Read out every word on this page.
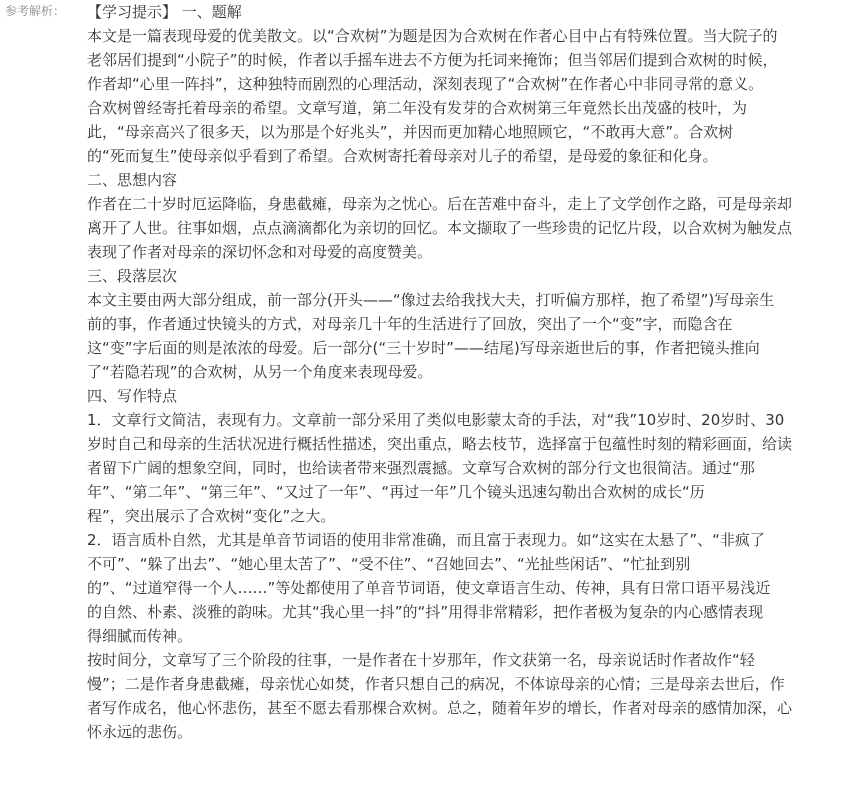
参考解析： 【学习提示】 一、题解
本文是一篇表现母爱的优美散文。以“合欢树”为题是因为合欢树在作者心目中占有特殊位置。当大院子的
老邻居们提到“小院子”的时候，作者以手摇车进去不方便为托词来掩饰；但当邻居们提到合欢树的时候，
作者却“心里一阵抖”，这种独特而剧烈的心理活动，深刻表现了“合欢树”在作者心中非同寻常的意义。
合欢树曾经寄托着母亲的希望。文章写道，第二年没有发芽的合欢树第三年竟然长出茂盛的枝叶，为
此，“母亲高兴了很多天，以为那是个好兆头”，并因而更加精心地照顾它，“不敢再大意”。合欢树
的“死而复生”使母亲似乎看到了希望。合欢树寄托着母亲对儿子的希望，是母爱的象征和化身。
二、思想内容
作者在二十岁时厄运降临，身患截瘫，母亲为之忧心。后在苦难中奋斗，走上了文学创作之路，可是母亲却
离开了人世。往事如烟，点点滴滴都化为亲切的回忆。本文撷取了一些珍贵的记忆片段，以合欢树为触发点
表现了作者对母亲的深切怀念和对母爱的高度赞美。
三、段落层次
本文主要由两大部分组成，前一部分(开头——“像过去给我找大夫，打听偏方那样，抱了希望”)写母亲生
前的事，作者通过快镜头的方式，对母亲几十年的生活进行了回放，突出了一个“变”字，而隐含在
这“变”字后面的则是浓浓的母爱。后一部分(“三十岁时”——结尾)写母亲逝世后的事，作者把镜头推向
了“若隐若现”的合欢树，从另一个角度来表现母爱。
四、写作特点
1．文章行文简洁，表现有力。文章前一部分采用了类似电影蒙太奇的手法，对“我”10岁时、20岁时、30
岁时自己和母亲的生活状况进行概括性描述，突出重点，略去枝节，选择富于包蕴性时刻的精彩画面，给读
者留下广阔的想象空间，同时，也给读者带来强烈震撼。文章写合欢树的部分行文也很简洁。通过“那
年”、“第二年”、“第三年”、“又过了一年”、“再过一年”几个镜头迅速勾勒出合欢树的成长“历
程”，突出展示了合欢树“变化”之大。
2．语言质朴自然，尤其是单音节词语的使用非常准确，而且富于表现力。如“这实在太悬了”、“非疯了
不可”、“躲了出去”、“她心里太苦了”、“受不住”、“召她回去”、“光扯些闲话”、“忙扯到别
的”、“过道窄得一个人……”等处都使用了单音节词语，使文章语言生动、传神，具有日常口语平易浅近
的自然、朴素、淡雅的韵味。尤其“我心里一抖”的“抖”用得非常精彩，把作者极为复杂的内心感情表现
得细腻而传神。
按时间分，文章写了三个阶段的往事，一是作者在十岁那年，作文获第一名，母亲说话时作者故作“轻
慢”；二是作者身患截瘫，母亲忧心如焚，作者只想自己的病况，不体谅母亲的心情；三是母亲去世后，作
者写作成名，他心怀悲伤，甚至不愿去看那棵合欢树。总之，随着年岁的增长，作者对母亲的感情加深，心
怀永远的悲伤。
